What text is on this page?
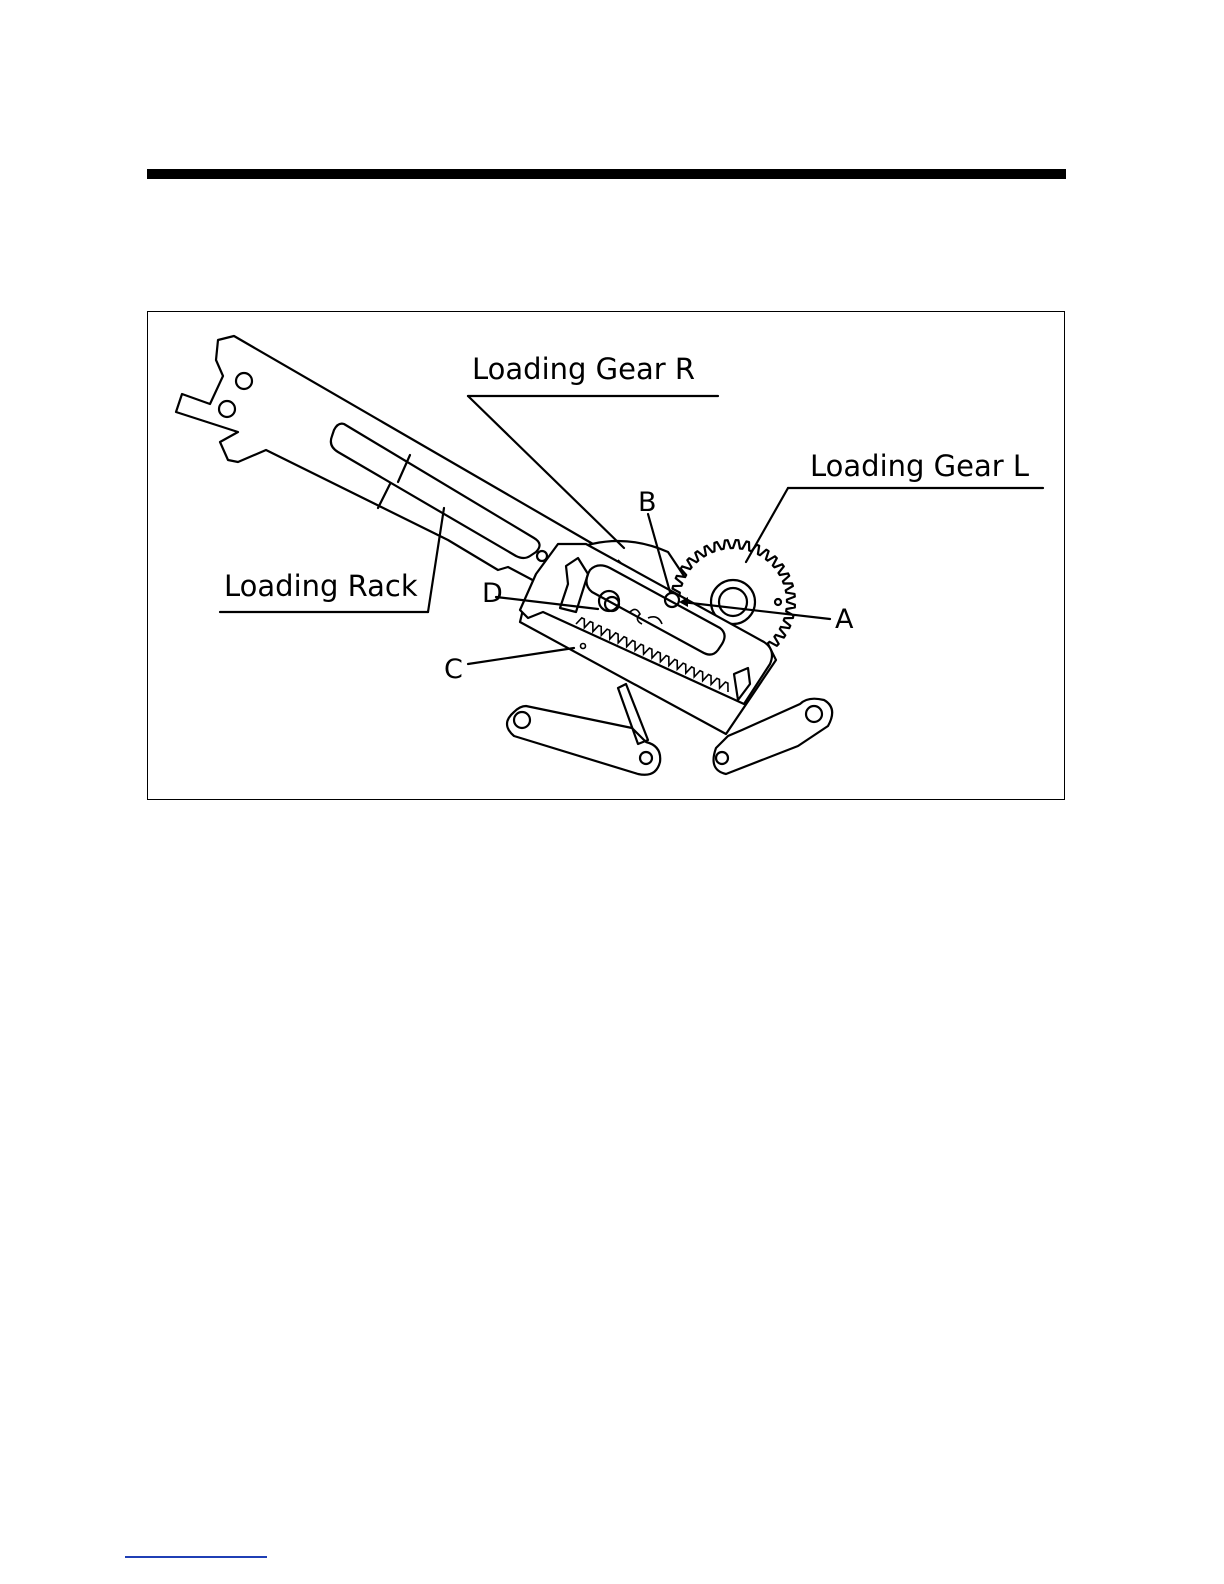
Loading Gear R
Loading Gear L
Loading Rack
B
A
D
C
